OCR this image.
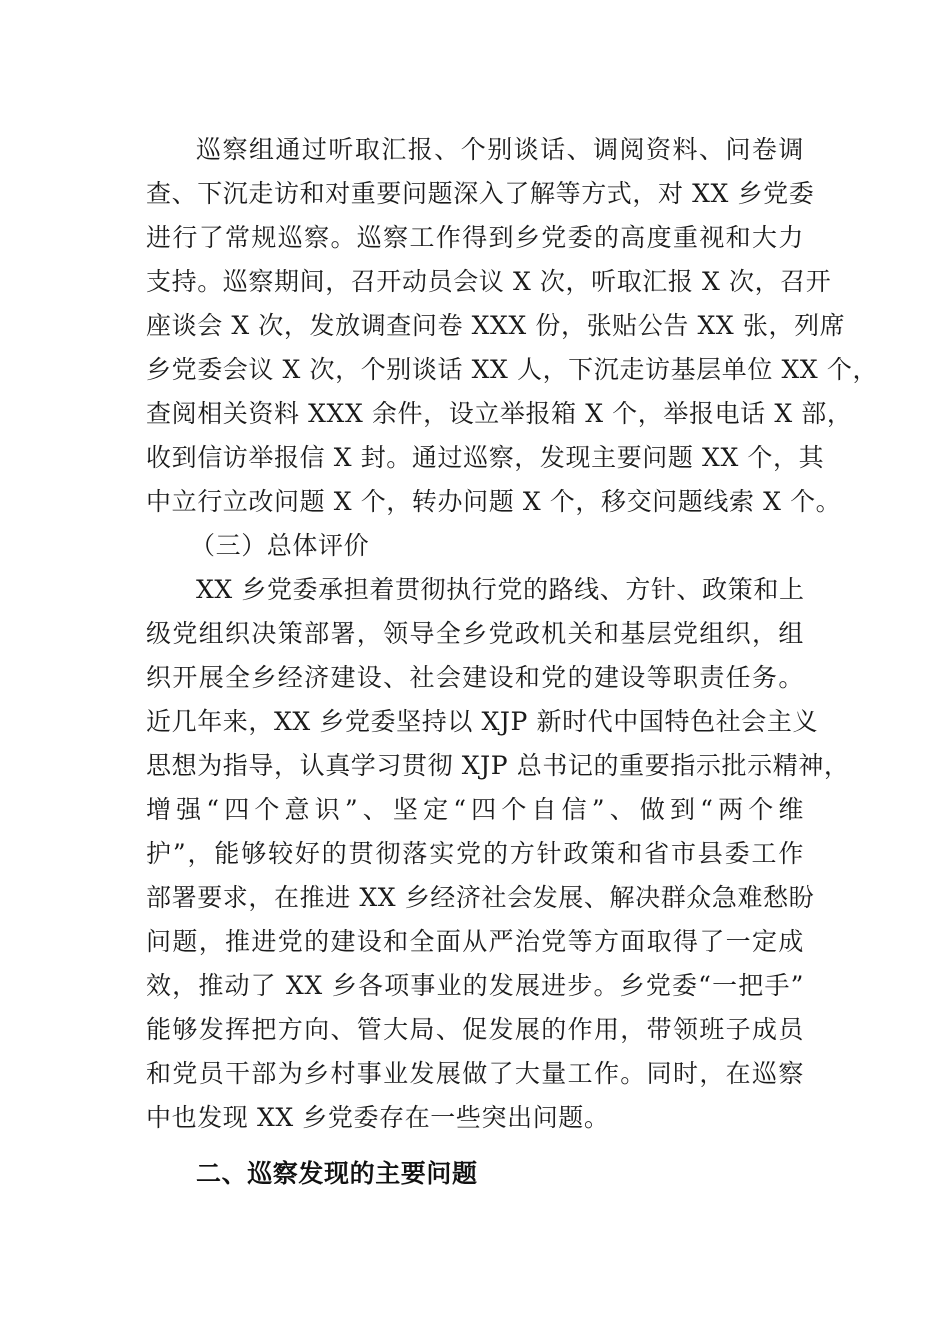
巡察组通过听取汇报、个别谈话、调阅资料、问卷调
查、下沉走访和对重要问题深入了解等方式，对 XX 乡党委
进行了常规巡察。巡察工作得到乡党委的高度重视和大力
支持。巡察期间，召开动员会议 X 次，听取汇报 X 次，召开
座谈会 X 次，发放调查问卷 XXX 份，张贴公告 XX 张，列席
乡党委会议 X 次，个别谈话 XX 人，下沉走访基层单位 XX 个，
查阅相关资料 XXX 余件，设立举报箱 X 个，举报电话 X 部，
收到信访举报信 X 封。通过巡察，发现主要问题 XX 个，其
中立行立改问题 X 个，转办问题 X 个，移交问题线索 X 个。
（三）总体评价
XX 乡党委承担着贯彻执行党的路线、方针、政策和上
级党组织决策部署，领导全乡党政机关和基层党组织，组
织开展全乡经济建设、社会建设和党的建设等职责任务。
近几年来，XX 乡党委坚持以 XJP 新时代中国特色社会主义
思想为指导，认真学习贯彻 XJP 总书记的重要指示批示精神，
增强“四个意识”、坚定“四个自信”、做到“两个维
护”，能够较好的贯彻落实党的方针政策和省市县委工作
部署要求，在推进 XX 乡经济社会发展、解决群众急难愁盼
问题，推进党的建设和全面从严治党等方面取得了一定成
效，推动了 XX 乡各项事业的发展进步。乡党委“一把手”
能够发挥把方向、管大局、促发展的作用，带领班子成员
和党员干部为乡村事业发展做了大量工作。同时，在巡察
中也发现 XX 乡党委存在一些突出问题。
二、巡察发现的主要问题
